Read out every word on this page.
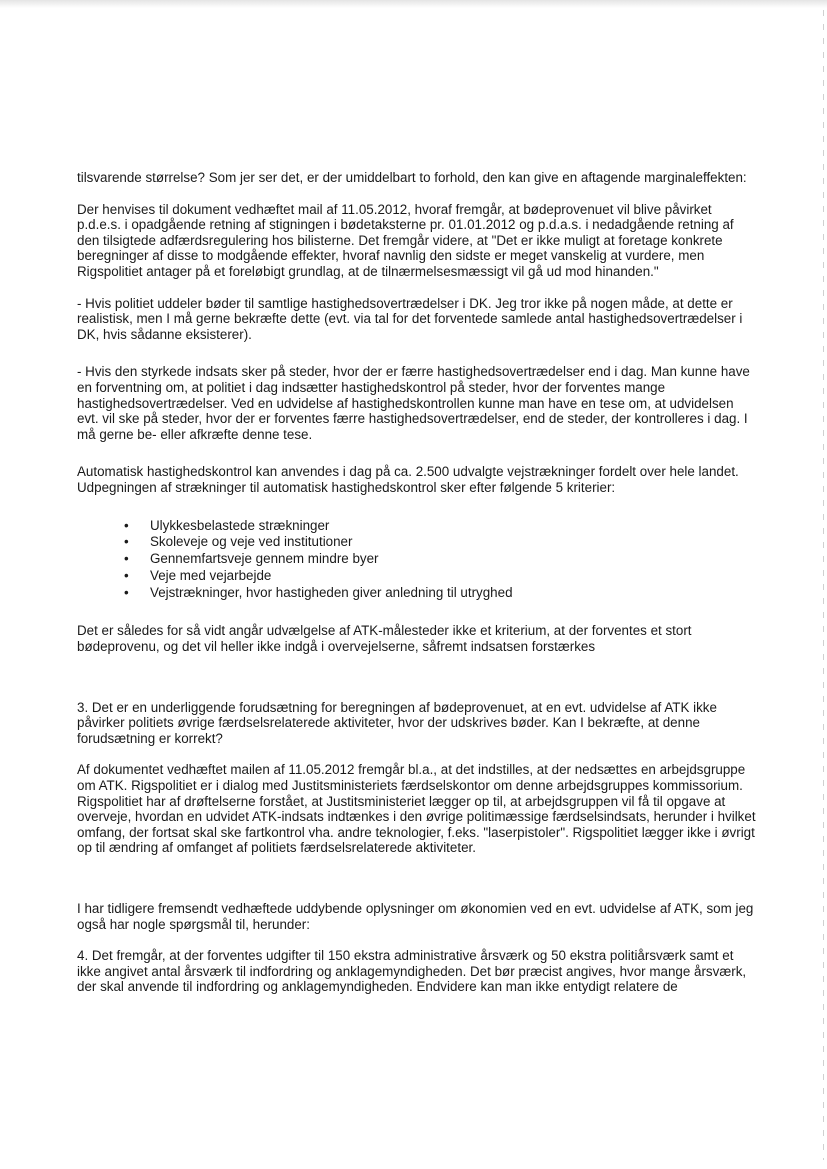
tilsvarende størrelse? Som jer ser det, er der umiddelbart to forhold, den kan give en aftagende marginaleffekten:

Der henvises til dokument vedhæftet mail af 11.05.2012, hvoraf fremgår, at bødeprovenuet vil blive påvirket p.d.e.s. i opadgående retning af stigningen i bødetaksterne pr. 01.01.2012 og p.d.a.s. i nedadgående retning af den tilsigtede adfærdsregulering hos bilisterne. Det fremgår videre, at "Det er ikke muligt at foretage konkrete beregninger af disse to modgående effekter, hvoraf navnlig den sidste er meget vanskelig at vurdere, men Rigspolitiet antager på et foreløbigt grundlag, at de tilnærmelsesmæssigt vil gå ud mod hinanden."

- Hvis politiet uddeler bøder til samtlige hastighedsovertrædelser i DK. Jeg tror ikke på nogen måde, at dette er realistisk, men I må gerne bekræfte dette (evt. via tal for det forventede samlede antal hastighedsovertrædelser i DK, hvis sådanne eksisterer).

- Hvis den styrkede indsats sker på steder, hvor der er færre hastighedsovertrædelser end i dag. Man kunne have en forventning om, at politiet i dag indsætter hastighedskontrol på steder, hvor der forventes mange hastighedsovertrædelser. Ved en udvidelse af hastighedskontrollen kunne man have en tese om, at udvidelsen evt. vil ske på steder, hvor der er forventes færre hastighedsovertrædelser, end de steder, der kontrolleres i dag. I må gerne be- eller afkræfte denne tese.

Automatisk hastighedskontrol kan anvendes i dag på ca. 2.500 udvalgte vejstrækninger fordelt over hele landet. Udpegningen af strækninger til automatisk hastighedskontrol sker efter følgende 5 kriterier:

• Ulykkesbelastede strækninger
• Skoleveje og veje ved institutioner
• Gennemfartsveje gennem mindre byer
• Veje med vejarbejde
• Vejstrækninger, hvor hastigheden giver anledning til utryghed

Det er således for så vidt angår udvælgelse af ATK-målesteder ikke et kriterium, at der forventes et stort bødeprovenu, og det vil heller ikke indgå i overvejelserne, såfremt indsatsen forstærkes

3. Det er en underliggende forudsætning for beregningen af bødeprovenuet, at en evt. udvidelse af ATK ikke påvirker politiets øvrige færdselsrelaterede aktiviteter, hvor der udskrives bøder. Kan I bekræfte, at denne forudsætning er korrekt?

Af dokumentet vedhæftet mailen af 11.05.2012 fremgår bl.a., at det indstilles, at der nedsættes en arbejdsgruppe om ATK. Rigspolitiet er i dialog med Justitsministeriets færdselskontor om denne arbejdsgruppes kommissorium. Rigspolitiet har af drøftelserne forstået, at Justitsministeriet lægger op til, at arbejdsgruppen vil få til opgave at overveje, hvordan en udvidet ATK-indsats indtænkes i den øvrige politimæssige færdselsindsats, herunder i hvilket omfang, der fortsat skal ske fartkontrol vha. andre teknologier, f.eks. "laserpistoler". Rigspolitiet lægger ikke i øvrigt op til ændring af omfanget af politiets færdselsrelaterede aktiviteter.

I har tidligere fremsendt vedhæftede uddybende oplysninger om økonomien ved en evt. udvidelse af ATK, som jeg også har nogle spørgsmål til, herunder:

4. Det fremgår, at der forventes udgifter til 150 ekstra administrative årsværk og 50 ekstra politiårsværk samt et ikke angivet antal årsværk til indfordring og anklagemyndigheden. Det bør præcist angives, hvor mange årsværk, der skal anvende til indfordring og anklagemyndigheden. Endvidere kan man ikke entydigt relatere de
